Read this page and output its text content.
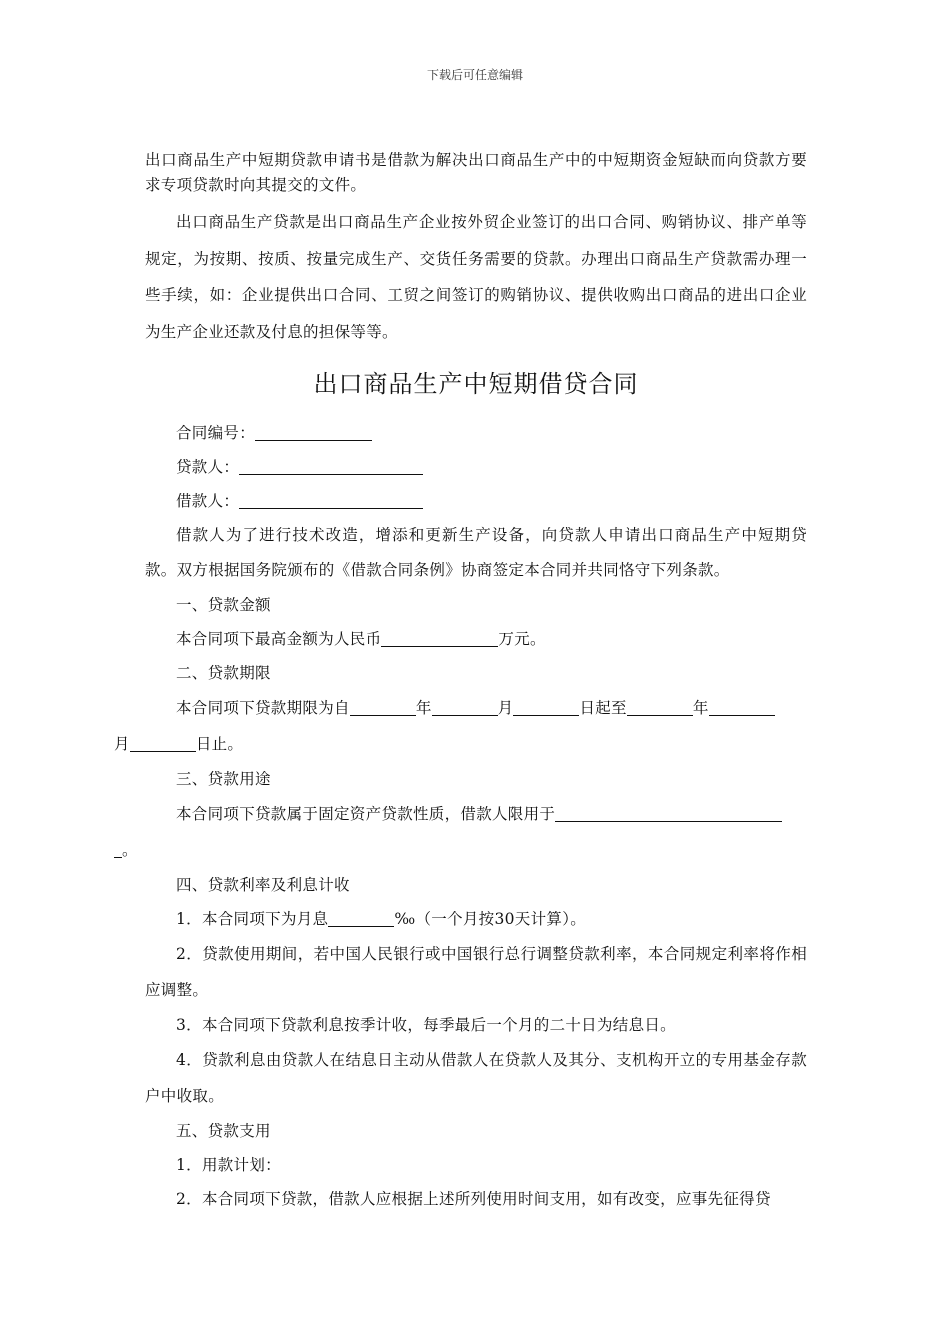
下载后可任意编辑

出口商品生产中短期贷款申请书是借款为解决出口商品生产中的中短期资金短缺而向贷款方要求专项贷款时向其提交的文件。

出口商品生产贷款是出口商品生产企业按外贸企业签订的出口合同、购销协议、排产单等规定，为按期、按质、按量完成生产、交货任务需要的贷款。办理出口商品生产贷款需办理一些手续，如：企业提供出口合同、工贸之间签订的购销协议、提供收购出口商品的进出口企业为生产企业还款及付息的担保等等。

出口商品生产中短期借贷合同

合同编号：

贷款人：

借款人：

借款人为了进行技术改造，增添和更新生产设备，向贷款人申请出口商品生产中短期贷款。双方根据国务院颁布的《借款合同条例》协商签定本合同并共同恪守下列条款。

一、贷款金额

本合同项下最高金额为人民币	万元。

二、贷款期限

本合同项下贷款期限为自	年	月	日起至	年
月	日止。

三、贷款用途

本合同项下贷款属于固定资产贷款性质，借款人限用于
。

四、贷款利率及利息计收

1．本合同项下为月息	‰（一个月按30天计算）。

2．贷款使用期间，若中国人民银行或中国银行总行调整贷款利率，本合同规定利率将作相应调整。

3．本合同项下贷款利息按季计收，每季最后一个月的二十日为结息日。

4．贷款利息由贷款人在结息日主动从借款人在贷款人及其分、支机构开立的专用基金存款户中收取。

五、贷款支用

1．用款计划：

2．本合同项下贷款，借款人应根据上述所列使用时间支用，如有改变，应事先征得贷
